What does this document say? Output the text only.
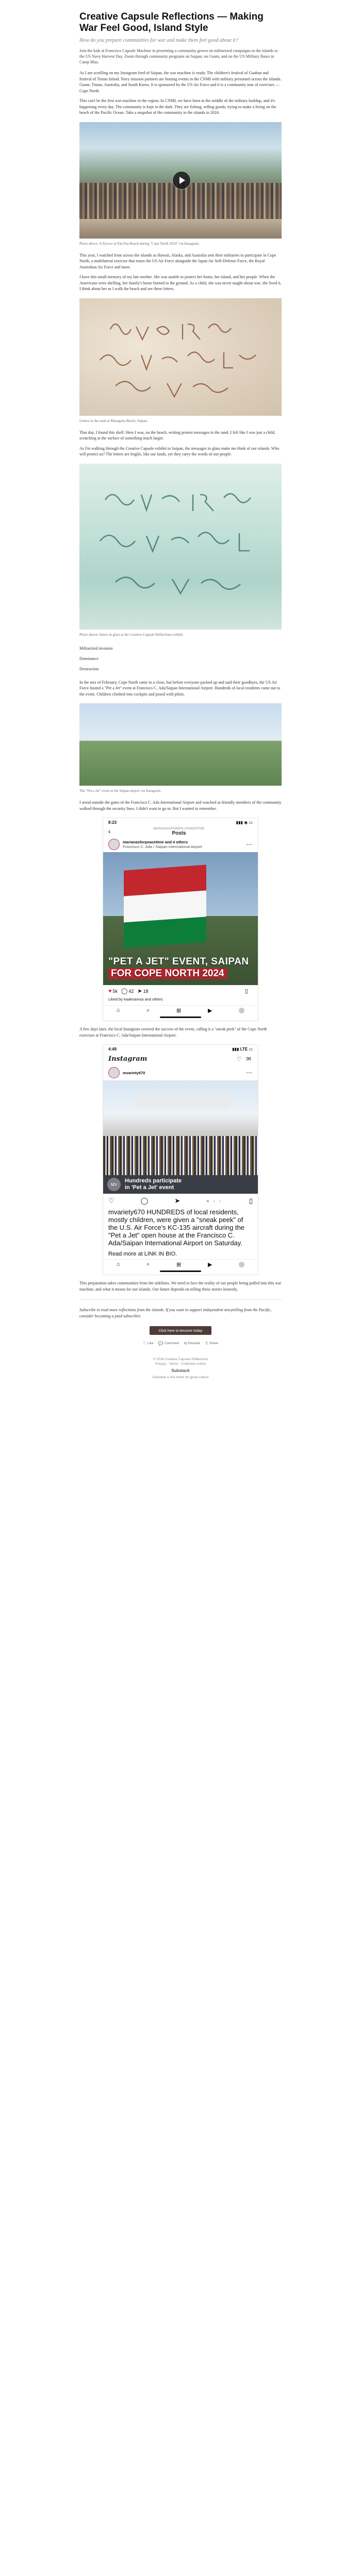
Creative Capsule Reflections — Making War Feel Good, Island Style
How do you prepare communities for war and make them feel good about it?
Join the kids at Francisco Capsule Machine in presenting a community grown on militarized campaigns in the islands to the US Navy Harvest Day. Zoom through community programs on Saipan, on Guam, and on the US Military Bases in Camp Blaz.

As I am scrolling on my Instagram feed of Saipan, the war machine is ready. The children's festival of Guahan and festival of Tinian Island. Navy mission partners are hosting events in the CNMI with military personnel across the islands. Guam, Tinian, Australia, and South Korea. It is sponsored by the US Air Force and it is a community tour of exercises — Cope North.

This can't be the first war-machine in the region. In CNMI, we have been in the middle of the military buildup, and it's happening every day. The community is kept in the dark. They are fishing, selling goods, trying to make a living on the beach of the Pacific Ocean. Take a snapshot of the community in the islands in 2024.

Photo above: A flyover at Pau Pau Beach during "Cope North 2024" via Instagram.

This year, I watched from across the islands as Hawaii, Alaska, and Australia sent their militaries to participate in Cope North, a multilateral exercise that trains the US Air Force alongside the Japan Air Self-Defense Force, the Royal Australian Air Force and more.

I have this small memory of my late mother. She was unable to protect her home, her island, and her people. When the Americans were shelling, her family's home burned to the ground. As a child, she was never taught about war; she lived it. I think about her as I walk the beach and see these letters.

Letters in the sand at Managaha Beach, Saipan.

That day, I found this shell. Here I was, on the beach, writing protest messages in the sand. I felt like I was just a child, scratching at the surface of something much larger.

As I'm walking through the Creative Capsule exhibit in Saipan, the messages in glass make me think of our islands. Who will protect us? The letters are fragile, like our lands, yet they carry the words of our people.

Photo above: letters in glass at the Creative Capsule Reflections exhibit.
Militarized invasion
Dominance
Destruction

In the mix of February, Cope North came to a close, but before everyone packed up and said their goodbyes, the US Air Force hosted a "Pet a Jet" event at Francisco C. Ada/Saipan International Airport. Hundreds of local residents came out to the event. Children climbed into cockpits and posed with pilots.

The "Pet a Jet" event at the Saipan airport via Instagram.

I stood outside the gates of the Francisco C. Ada International Airport and watched as friendly members of the community walked through the security lines. I didn't want to go in. But I wanted to remember.

8:23	▮▮▮ ◉ ▭
‹	MARIANASFOREPLAYNIGHTINE
Posts
marianasforpeacetime and 4 others
Francisco C. Ada / Saipan International Airport	⋯
"PET A JET" EVENT, SAIPAN
FOR COPE NORTH 2024
♥ 5k ◯ 42 ➤ 18	▯
Liked by kaaknamsa and others
⌂	⌕	⊞	▶

A few days later, the local Instagram covered the success of the event, calling it a "sneak peek" of the Cope North exercises at Francisco C. Ada/Saipan International Airport.

4:49	▮▮▮ LTE ▭
Instagram	♡ ✉
mvariety670	⋯
MV
Hundreds participate
in 'Pet a Jet' event
♡	◯	➤	● ○ ○	▯
mvariety670 HUNDREDS of local residents, mostly children, were given a "sneak peek" of the U.S. Air Force's KC-135 aircraft during the "Pet a Jet" open house at the Francisco C. Ada/Saipan International Airport on Saturday.
Read more at LINK IN BIO.
⌂	⌕	⊞	▶

This preparation takes communities from the sidelines. We need to face the reality of our people being pulled into this war machine, and what it means for our islands. Our future depends on telling these stories honestly.

Subscribe to read more reflections from the islands. If you want to support independent storytelling from the Pacific, consider becoming a paid subscriber.

Click here to become today
♡ Like 💬 Comment ⟲ Restack ⇪ Share
© 2024 Creative Capsule Reflections
Privacy · Terms · Collection notice
Substack
Substack is the home for great culture
